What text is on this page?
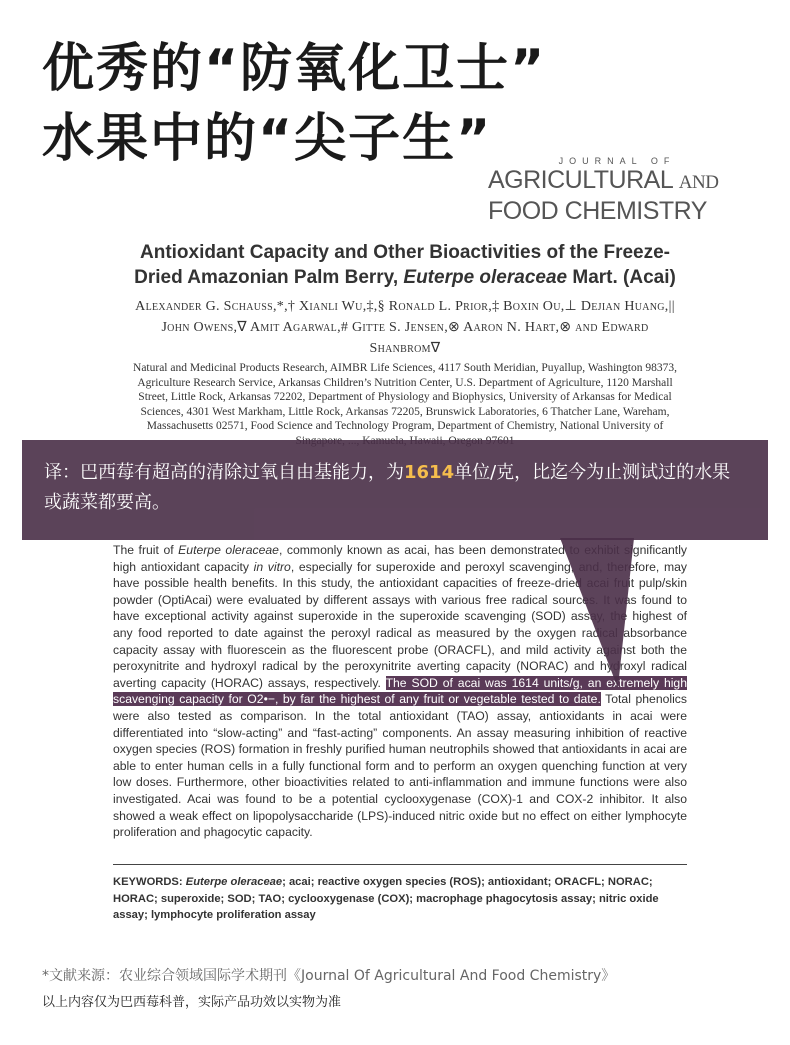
优秀的“防氧化卫士”
水果中的“尖子生”	JOURNAL OF
AGRICULTURAL AND
FOOD CHEMISTRY
Antioxidant Capacity and Other Bioactivities of the Freeze-Dried Amazonian Palm Berry, Euterpe oleraceae Mart. (Acai)
Alexander G. Schauss,*,† Xianli Wu,‡,§ Ronald L. Prior,‡ Boxin Ou,⊥ Dejian Huang,|| John Owens,∇ Amit Agarwal,# Gitte S. Jensen,⊗ Aaron N. Hart,⊗ and Edward Shanbrom∇
Natural and Medicinal Products Research, AIMBR Life Sciences, 4117 South Meridian, Puyallup, Washington 98373, Agriculture Research Service, Arkansas Children’s Nutrition Center, U.S. Department of Agriculture, 1120 Marshall Street, Little Rock, Arkansas 72202, Department of Physiology and Biophysics, University of Arkansas for Medical Sciences, 4301 West Markham, Little Rock, Arkansas 72205, Brunswick Laboratories, 6 Thatcher Lane, Wareham, Massachusetts 02571, Food Science and Technology Program, Department of Chemistry, National University of
The fruit of Euterpe oleraceae, commonly known as acai, has been demonstrated to exhibit significantly high antioxidant capacity in vitro, especially for superoxide and peroxyl scavenging, and, therefore, may have possible health benefits. In this study, the antioxidant capacities of freeze-dried acai fruit pulp/skin powder (OptiAcai) were evaluated by different assays with various free radical sources. It was found to have exceptional activity against superoxide in the superoxide scavenging (SOD) assay, the highest of any food reported to date against the peroxyl radical as measured by the oxygen radical absorbance capacity assay with fluorescein as the fluorescent probe (ORACFL), and mild activity against both the peroxynitrite and hydroxyl radical by the peroxynitrite averting capacity (NORAC) and hydroxyl radical averting capacity (HORAC) assays, respectively. The SOD of acai was 1614 units/g, an extremely high scavenging capacity for O2•−, by far the highest of any fruit or vegetable tested to date. Total phenolics were also tested as comparison. In the total antioxidant (TAO) assay, antioxidants in acai were differentiated into “slow-acting” and “fast-acting” components. An assay measuring inhibition of reactive oxygen species (ROS) formation in freshly purified human neutrophils showed that antioxidants in acai are able to enter human cells in a fully functional form and to perform an oxygen quenching function at very low doses. Furthermore, other bioactivities related to anti-inflammation and immune functions were also investigated. Acai was found to be a potential cyclooxygenase (COX)-1 and COX-2 inhibitor. It also showed a weak effect on lipopolysaccharide (LPS)-induced nitric oxide but no effect on either lymphocyte proliferation and phagocytic capacity.
译：巴西莓有超高的清除过氧自由基能力，为1614单位/克，比迄今为止测试过的水果或蔬菜都要高。
KEYWORDS: Euterpe oleraceae; acai; reactive oxygen species (ROS); antioxidant; ORACFL; NORAC; HORAC; superoxide; SOD; TAO; cyclooxygenase (COX); macrophage phagocytosis assay; nitric oxide assay; lymphocyte proliferation assay
*文献来源：农业综合领域国际学术期刊《Journal Of Agricultural And Food Chemistry》
以上内容仅为巴西莓科普，实际产品功效以实物为准
